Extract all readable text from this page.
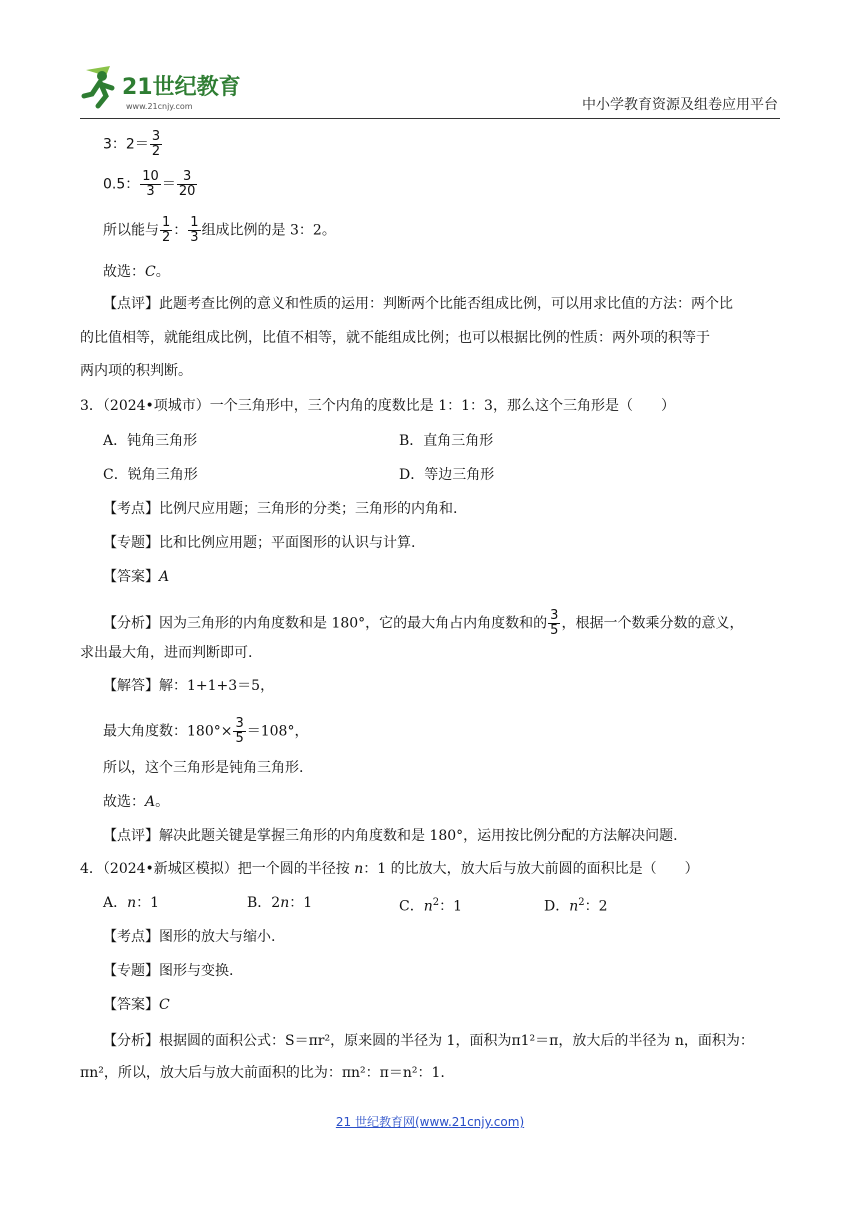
21世纪教育
www.21cnjy.com	中小学教育资源及组卷应用平台
3：$2= \frac{3}{2}$
0.5： $\frac{10}{3} = \frac{3}{20}$
所以能与 $\frac{1}{2}$ ： $\frac{1}{3}$ 组成比例的是 3：2。
故选：C。
【点评】此题考查比例的意义和性质的运用：判断两个比能否组成比例，可以用求比值的方法：两个比
的比值相等，就能组成比例，比值不相等，就不能组成比例；也可以根据比例的性质：两外项的积等于
两内项的积判断。
3．（2024•项城市）一个三角形中，三个内角的度数比是 1：1：3，那么这个三角形是（　　）
A．钝角三角形	B．直角三角形
C．锐角三角形	D．等边三角形
【考点】比例尺应用题；三角形的分类；三角形的内角和.
【专题】比和比例应用题；平面图形的认识与计算.
【答案】A
【分析】因为三角形的内角度数和是 180°，它的最大角占内角度数和的 $\frac{3}{5}$ ，根据一个数乘分数的意义，
求出最大角，进而判断即可.
【解答】解：1+1+3＝5，
最大角度数：$180^\circ\times \frac{3}{5} =108^\circ$，
所以，这个三角形是钝角三角形.
故选：A。
【点评】解决此题关键是掌握三角形的内角度数和是 180°，运用按比例分配的方法解决问题.
4．（2024•新城区模拟）把一个圆的半径按 n：1 的比放大，放大后与放大前圆的面积比是（　　）
A．n：1	B．2n：1	C．$n^2$：1	D．$n^2$：2
【考点】图形的放大与缩小.
【专题】图形与变换.
【答案】C
【分析】根据圆的面积公式：S＝πr²，原来圆的半径为 1，面积为π1²＝π，放大后的半径为 n，面积为：
πn²，所以，放大后与放大前面积的比为：πn²：π＝n²：1.
21 世纪教育网(www.21cnjy.com)
